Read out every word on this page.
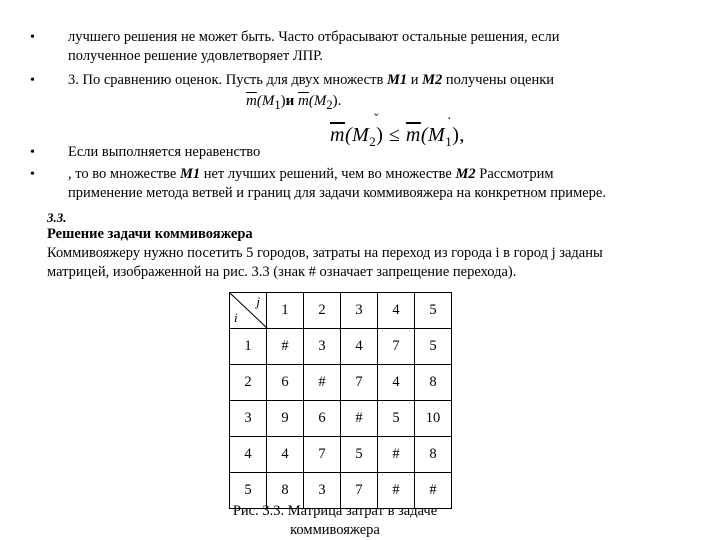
• лучшего решения не может быть. Часто отбрасывают остальные решения, если
полученное решение удовлетворяет ЛПР.
• 3. По сравнению оценок. Пусть для двух множеств M1 и M2 получены оценки
$\overline{m}(M_1)и$ $\overline{m}(M_2)$.
ˇ	·
• Если выполняется неравенство
$\overline{m}(M_2) \le \overline{m}(M_1)$,
• , то во множестве M1 нет лучших решений, чем во множестве M2 Рассмотрим
применение метода ветвей и границ для задачи коммивояжера на конкретном примере.
3.3.
Решение задачи коммивояжера
Коммивояжеру нужно посетить 5 городов, затраты на переход из города i в город j заданы
матрицей, изображенной на рис. 3.3 (знак # означает запрещение перехода).
j
i	1	2	3	4	5
1	#	3	4	7	5
2	6	#	7	4	8
3	9	6	#	5	10
4	4	7	5	#	8
5	8	3	7	#	#
Рис. 3.3. Матрица затрат в задаче
коммивояжера
